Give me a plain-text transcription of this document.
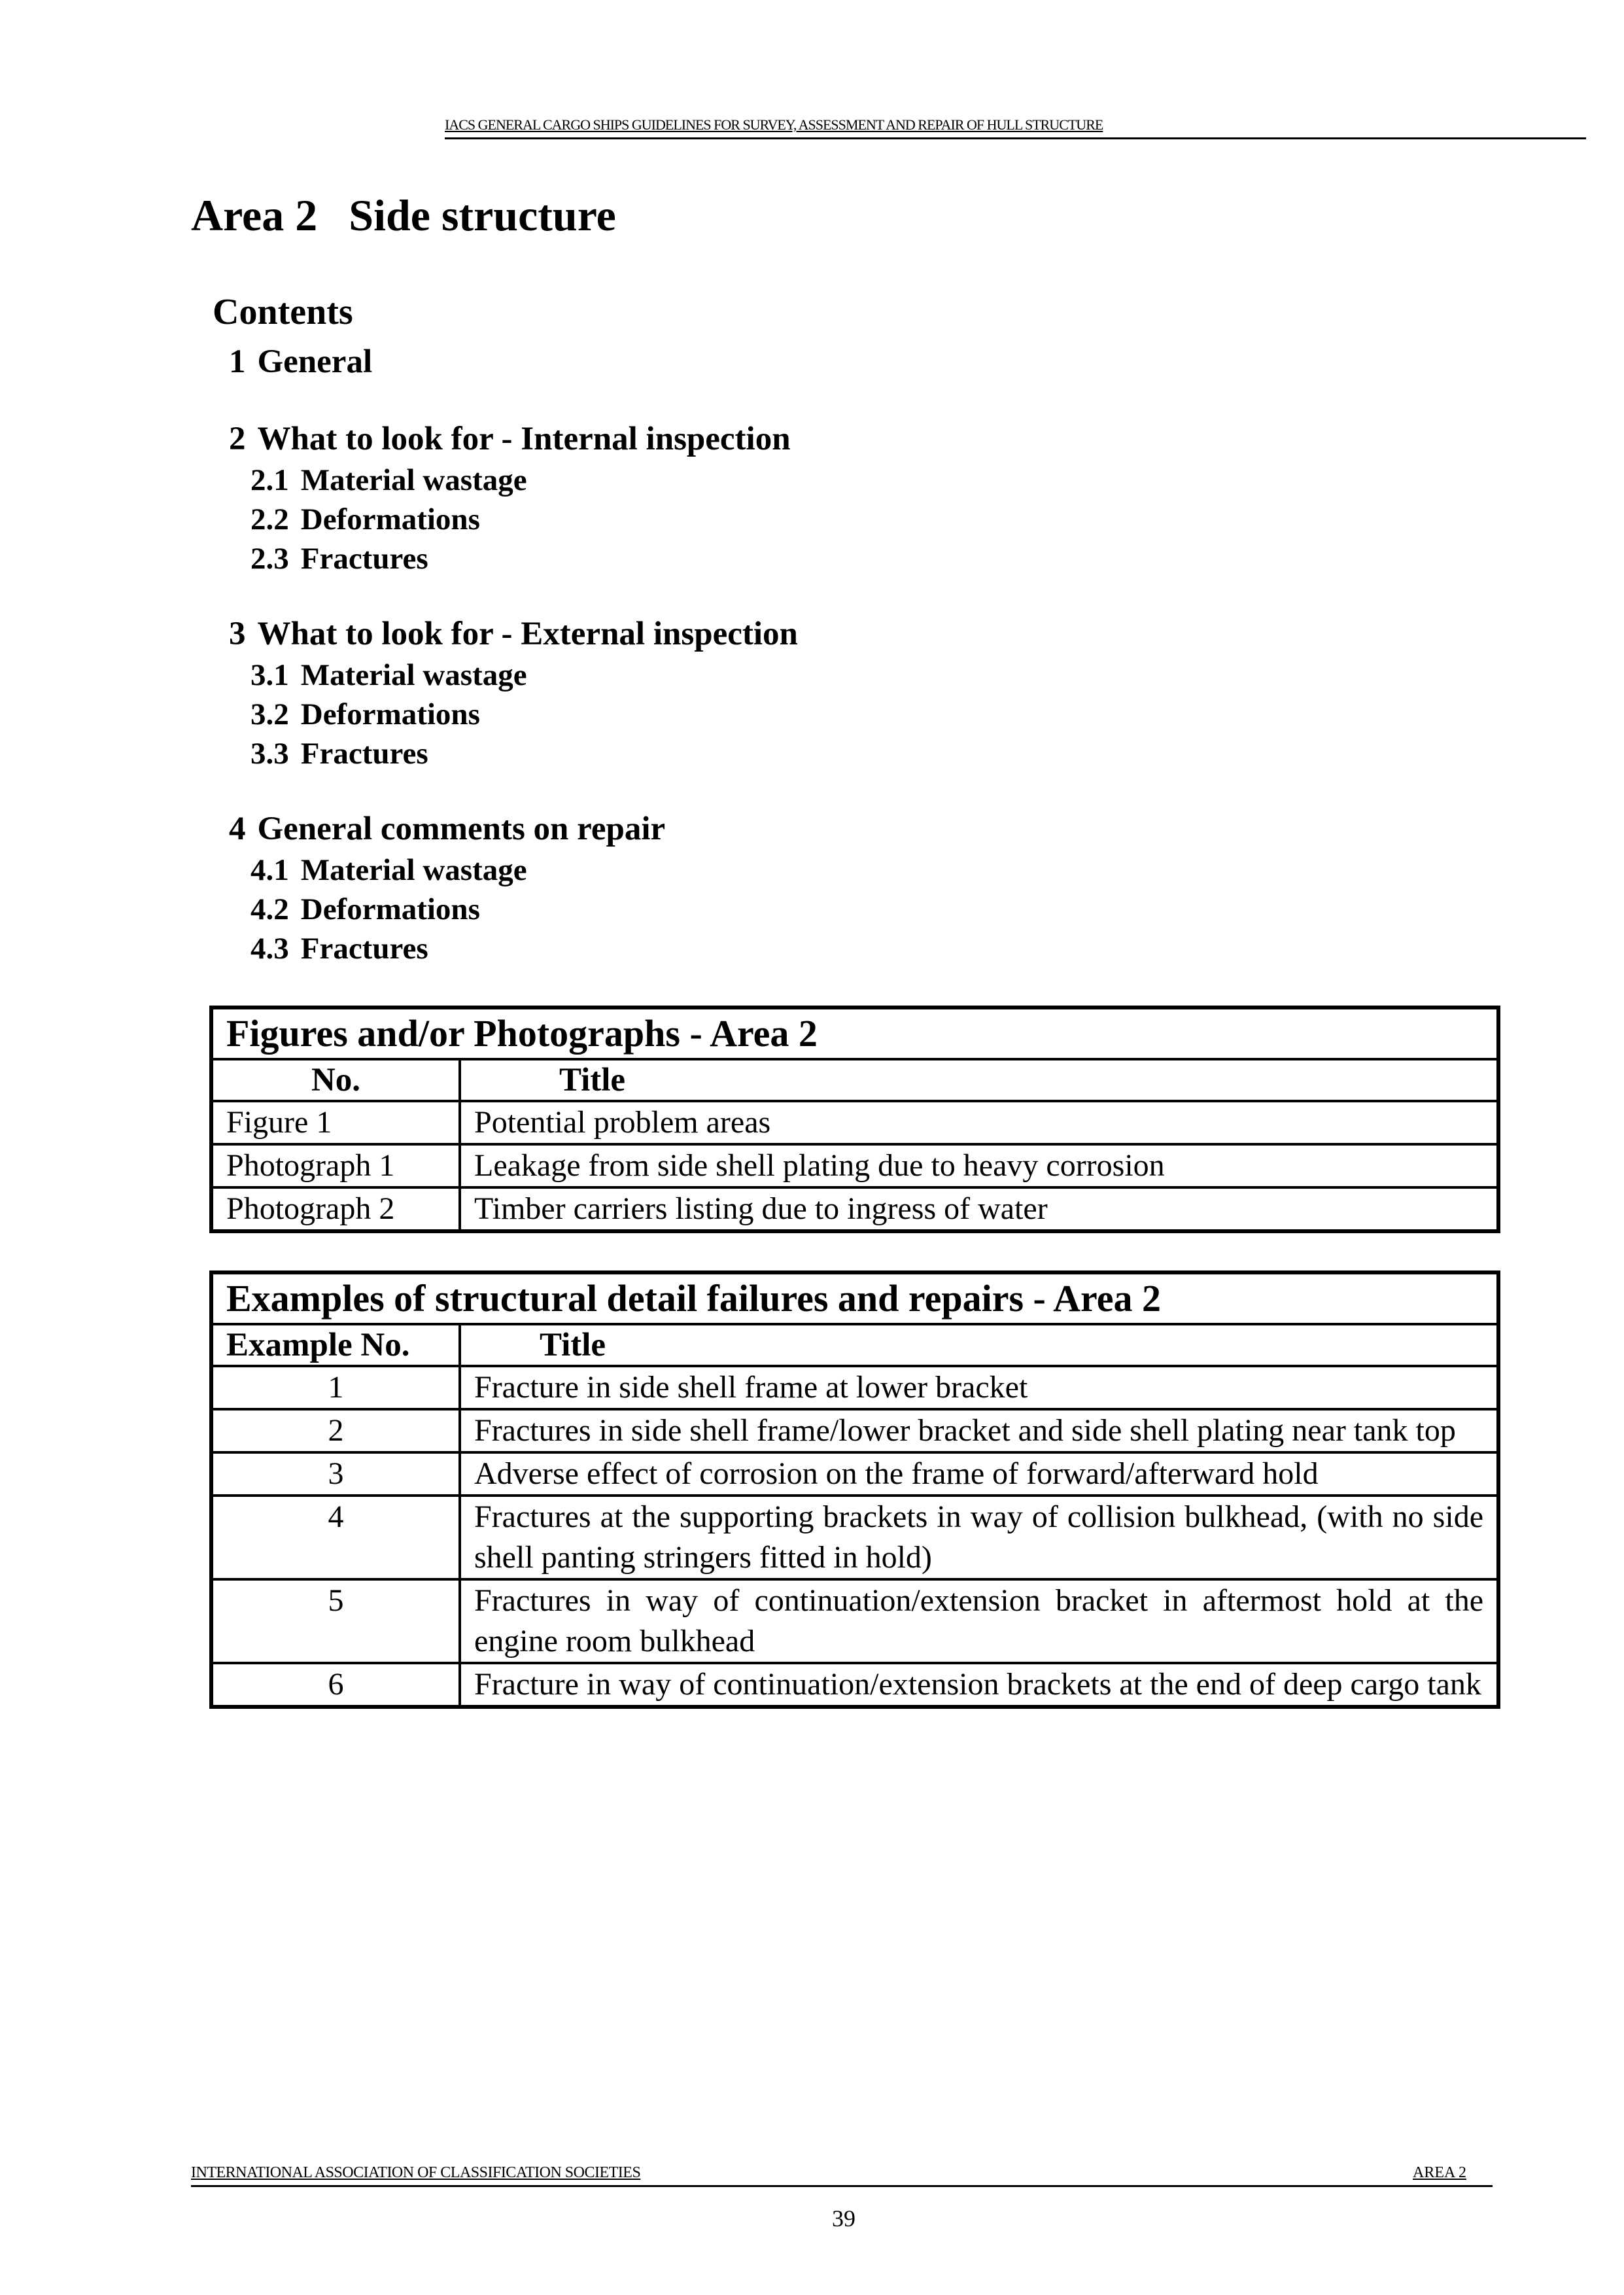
IACS GENERAL CARGO SHIPS GUIDELINES FOR SURVEY, ASSESSMENT AND REPAIR OF HULL STRUCTURE
Area 2 Side structure
Contents
1 General
2 What to look for - Internal inspection
2.1 Material wastage
2.2 Deformations
2.3 Fractures
3 What to look for - External inspection
3.1 Material wastage
3.2 Deformations
3.3 Fractures
4 General comments on repair
4.1 Material wastage
4.2 Deformations
4.3 Fractures
Figures and/or Photographs - Area 2	
No.	Title
Figure 1	Potential problem areas
Photograph 1	Leakage from side shell plating due to heavy corrosion
Photograph 2	Timber carriers listing due to ingress of water
Examples of structural detail failures and repairs - Area 2	
Example No.	Title
1	Fracture in side shell frame at lower bracket
2	Fractures in side shell frame/lower bracket and side shell plating near tank top
3	Adverse effect of corrosion on the frame of forward/afterward hold
4	Fractures at the supporting brackets in way of collision bulkhead, (with no side shell panting stringers fitted in hold)
5	Fractures in way of continuation/extension bracket in aftermost hold at the engine room bulkhead
6	Fracture in way of continuation/extension brackets at the end of deep cargo tank
INTERNATIONAL ASSOCIATION OF CLASSIFICATION SOCIETIES	AREA 2
39
